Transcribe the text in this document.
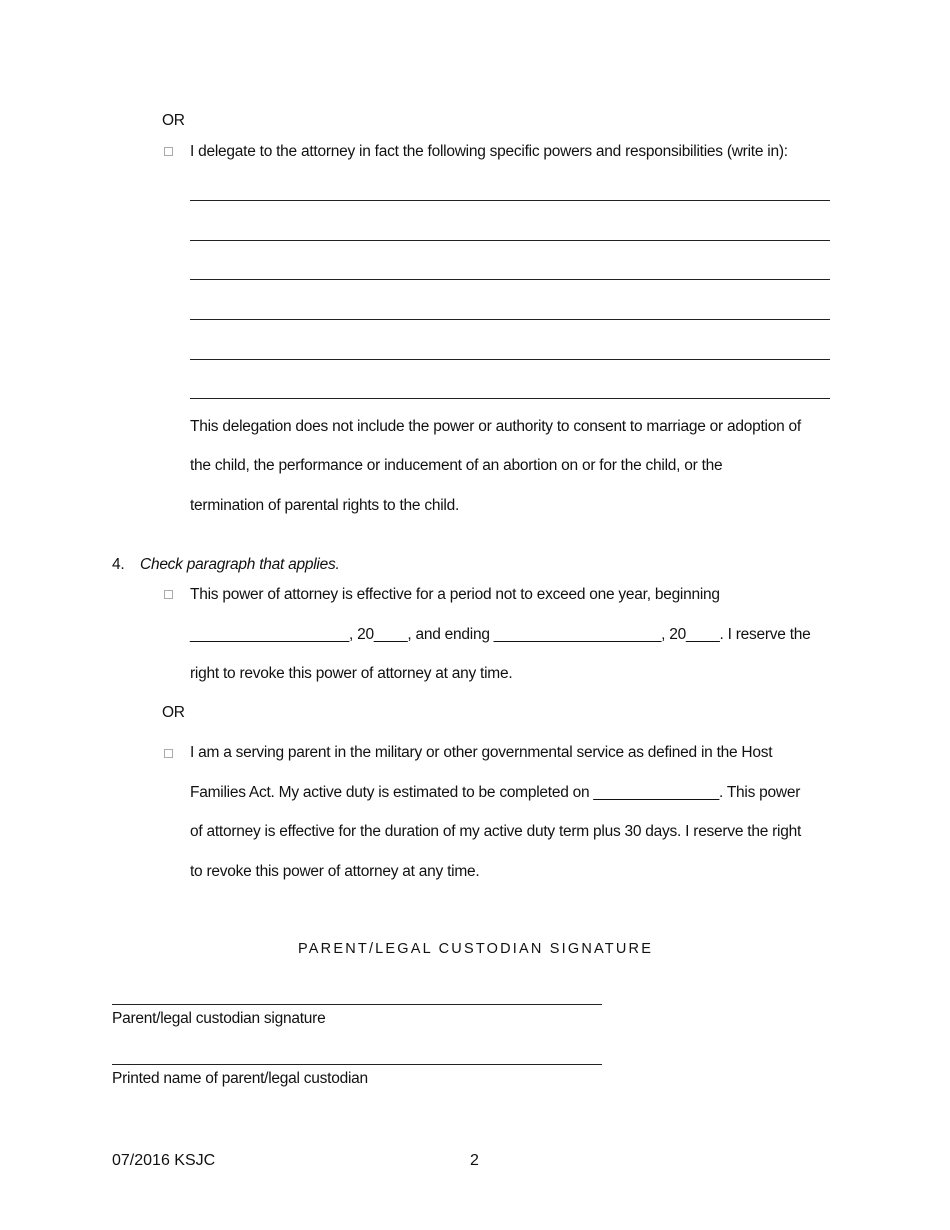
OR
I delegate to the attorney in fact the following specific powers and responsibilities (write in):
This delegation does not include the power or authority to consent to marriage or adoption of
the child, the performance or inducement of an abortion on or for the child, or the
termination of parental rights to the child.
4. Check paragraph that applies.
This power of attorney is effective for a period not to exceed one year, beginning
___________________, 20____, and ending ____________________, 20____. I reserve the
right to revoke this power of attorney at any time.
OR
I am a serving parent in the military or other governmental service as defined in the Host
Families Act. My active duty is estimated to be completed on _______________. This power
of attorney is effective for the duration of my active duty term plus 30 days. I reserve the right
to revoke this power of attorney at any time.
PARENT/LEGAL CUSTODIAN SIGNATURE
Parent/legal custodian signature
Printed name of parent/legal custodian
07/2016 KSJC	2
